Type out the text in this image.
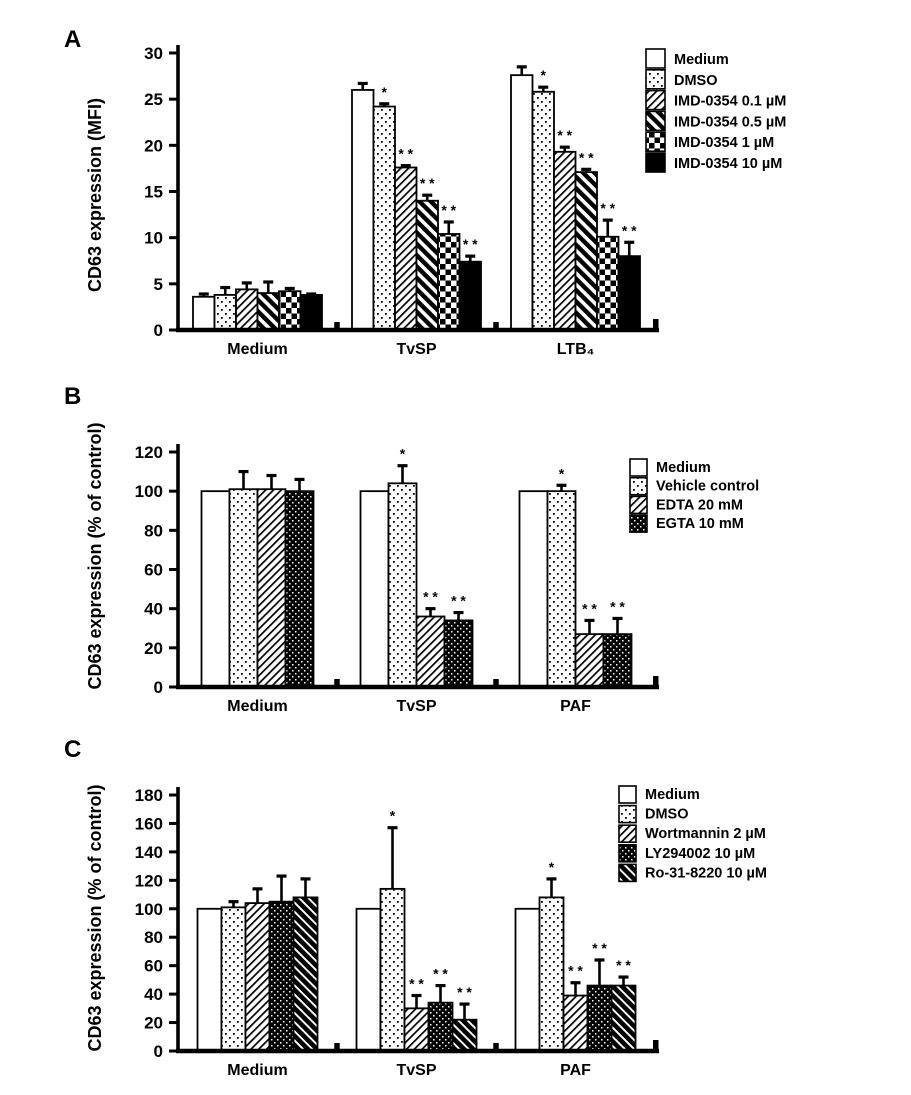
A
CD63 expression (MFI)
Medium
*
* *
* *
* *
* *
TvSP
*
* *
* *
* *
* *
LTB₄
0
5
10
15
20
25
30	Medium
DMSO
IMD-0354 0.1 µM
IMD-0354 0.5 µM
IMD-0354 1 µM
IMD-0354 10 µM
B
CD63 expression (% of control)
Medium
*
* * * *
TvSP
*
* * * *
PAF
0
20
40
60
80
100
120
Medium
Vehicle control
EDTA 20 mM
EGTA 10 mM
C
CD63 expression (% of control)
Medium
*
* *
* *
* *
TvSP
*
* *
* *
* *
PAF
0
20
40
60
80
100
120
140
160
180	Medium
DMSO
Wortmannin 2 µM
LY294002 10 µM
Ro-31-8220 10 µM
